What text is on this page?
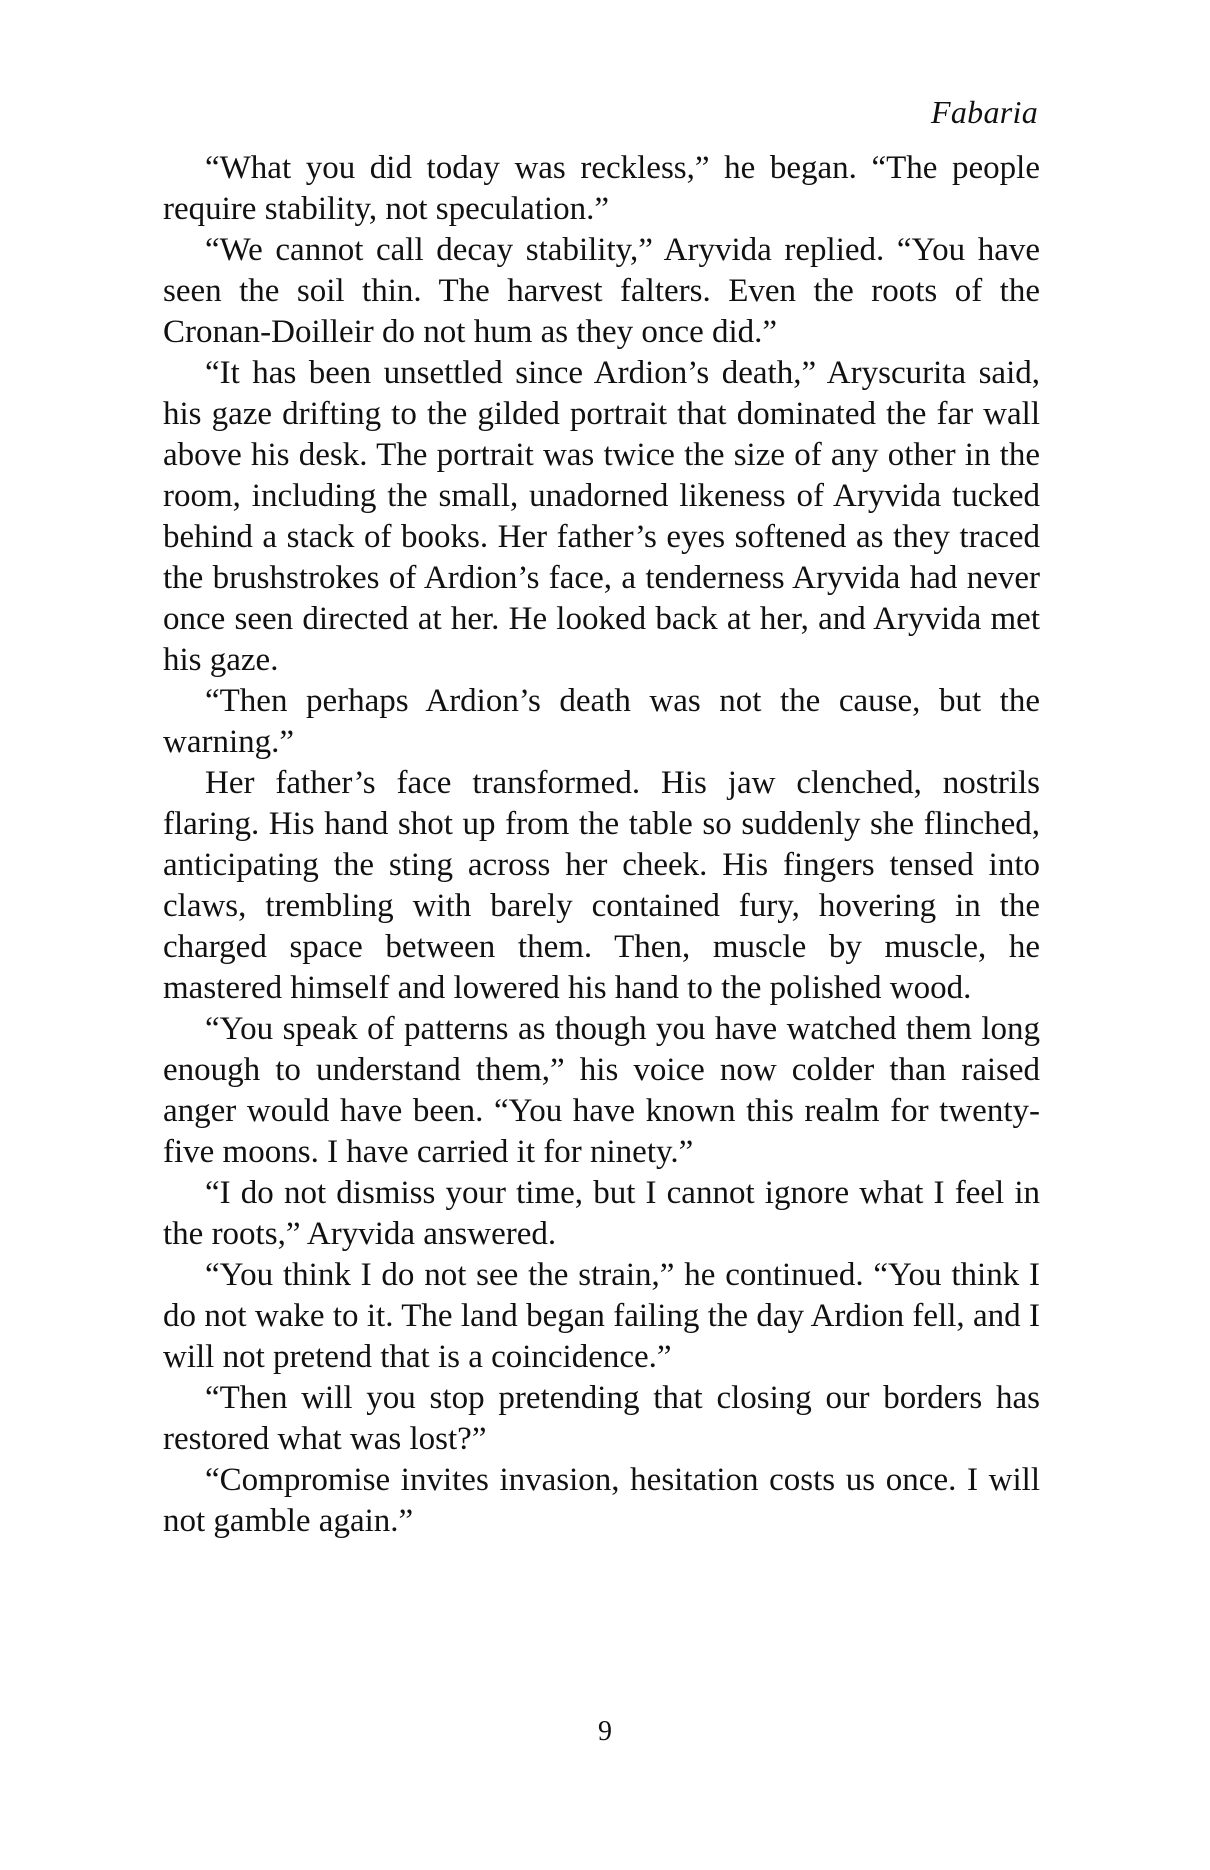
Fabaria

“What you did today was reckless,” he began. “The people require stability, not speculation.”

“We cannot call decay stability,” Aryvida replied. “You have seen the soil thin. The harvest falters. Even the roots of the Cronan-Doilleir do not hum as they once did.”

“It has been unsettled since Ardion’s death,” Aryscurita said, his gaze drifting to the gilded portrait that dominated the far wall above his desk. The portrait was twice the size of any other in the room, including the small, unadorned likeness of Aryvida tucked behind a stack of books. Her father’s eyes softened as they traced the brushstrokes of Ardion’s face, a tenderness Aryvida had never once seen directed at her. He looked back at her, and Aryvida met his gaze.

“Then perhaps Ardion’s death was not the cause, but the warning.”

Her father’s face transformed. His jaw clenched, nostrils flaring. His hand shot up from the table so suddenly she flinched, anticipating the sting across her cheek. His fingers tensed into claws, trembling with barely contained fury, hovering in the charged space between them. Then, muscle by muscle, he mastered himself and lowered his hand to the polished wood.

“You speak of patterns as though you have watched them long enough to understand them,” his voice now colder than raised anger would have been. “You have known this realm for twenty-five moons. I have carried it for ninety.”

“I do not dismiss your time, but I cannot ignore what I feel in the roots,” Aryvida answered.

“You think I do not see the strain,” he continued. “You think I do not wake to it. The land began failing the day Ardion fell, and I will not pretend that is a coincidence.”

“Then will you stop pretending that closing our borders has restored what was lost?”

“Compromise invites invasion, hesitation costs us once. I will not gamble again.”

9
